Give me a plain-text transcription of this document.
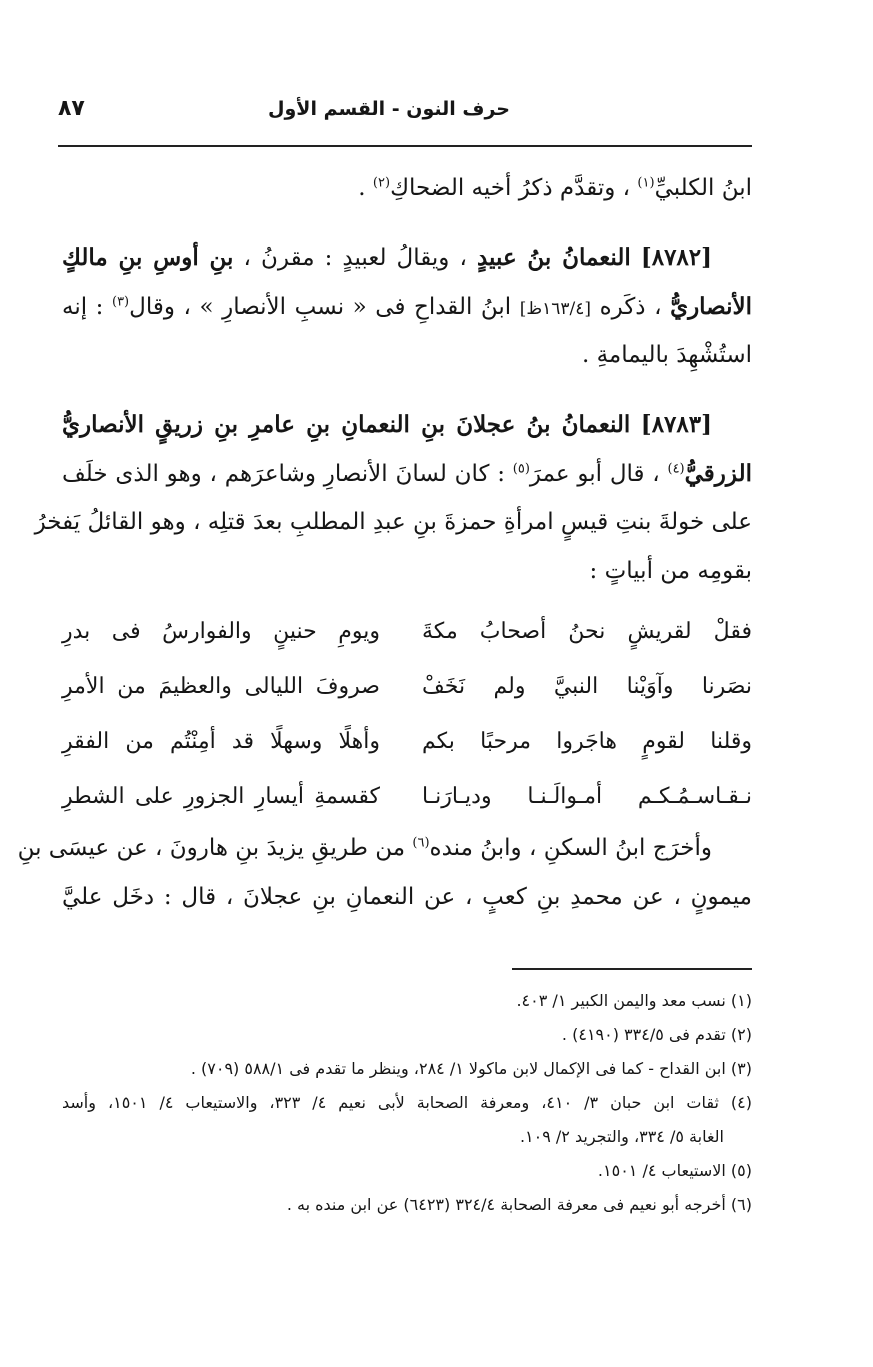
حرف النون - القسم الأول
٨٧
ابنُ الكلبيِّ$^{(١)}$ ، وتقدَّم ذكرُ أخيه الضحاكِ$^{(٢)}$ .
[٨٧٨٢] النعمانُ بنُ عبيدٍ ، ويقالُ لعبيدٍ : مقرنُ ، بنِ أوسِ بنِ مالكٍ
الأنصاريُّ ، ذكَره [١٦٣/٤ظ] ابنُ القداحِ فى « نسبِ الأنصارِ » ، وقال$^{(٣)}$ : إنه
استُشْهِدَ باليمامةِ .
[٨٧٨٣] النعمانُ بنُ عجلانَ بنِ النعمانِ بنِ عامرِ بنِ زريقٍ الأنصاريُّ
الزرقيُّ$^{(٤)}$ ، قال أبو عمرَ$^{(٥)}$ : كان لسانَ الأنصارِ وشاعرَهم ، وهو الذى خلَف
على خولةَ بنتِ قيسٍ امرأةِ حمزةَ بنِ عبدِ المطلبِ بعدَ قتلِه ، وهو القائلُ يَفخرُ
بقومِه من أبياتٍ :
فقلْ لقريشٍ نحنُ أصحابُ مكةَ
ويومِ حنينٍ والفوارسُ فى بدرِ
نصَرنا وآوَيْنا النبيَّ ولم نَخَفْ
صروفَ الليالى والعظيمَ من الأمرِ
وقلنا لقومٍ هاجَروا مرحبًا بكم
وأهلًا وسهلًا قد أمِنْتُم من الفقرِ
نـقـاسـمُـكـم أمـوالَـنـا وديـارَنـا
كقسمةِ أيسارِ الجزورِ على الشطرِ
وأخرَج ابنُ السكنِ ، وابنُ منده$^{(٦)}$ من طريقِ يزيدَ بنِ هارونَ ، عن عيسَى بنِ
ميمونٍ ، عن محمدِ بنِ كعبٍ ، عن النعمانِ بنِ عجلانَ ، قال : دخَل عليَّ
(١) نسب معد واليمن الكبير ١/ ٤٠٣.
(٢) تقدم فى ٣٣٤/٥ (٤١٩٠) .
(٣) ابن القداح - كما فى الإكمال لابن ماكولا ١/ ٢٨٤، وينظر ما تقدم فى ٥٨٨/١ (٧٠٩) .
(٤) ثقات ابن حبان ٣/ ٤١٠، ومعرفة الصحابة لأبى نعيم ٤/ ٣٢٣، والاستيعاب ٤/ ١٥٠١، وأسد
الغابة ٥/ ٣٣٤، والتجريد ٢/ ١٠٩.
(٥) الاستيعاب ٤/ ١٥٠١.
(٦) أخرجه أبو نعيم فى معرفة الصحابة ٣٢٤/٤ (٦٤٢٣) عن ابن منده به .
